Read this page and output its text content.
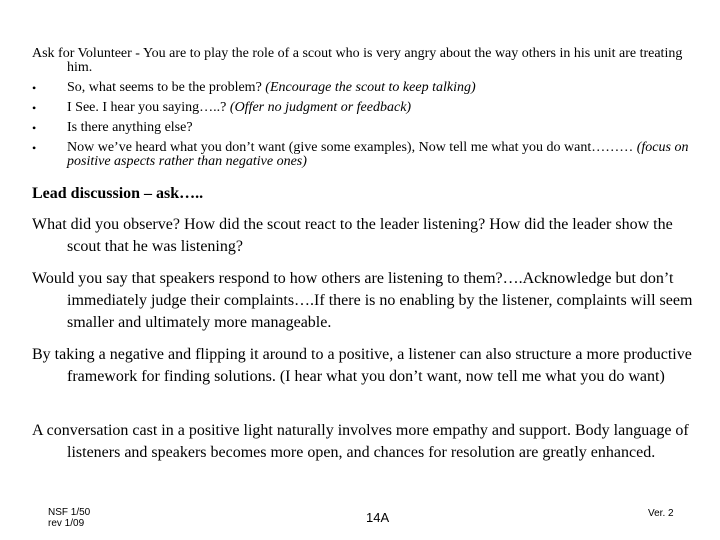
Ask for Volunteer - You are to play the role of a scout who is very angry about the way others in his unit are treating him.

• So, what seems to be the problem? (Encourage the scout to keep talking)
• I See. I hear you saying…..? (Offer no judgment or feedback)
• Is there anything else?
• Now we’ve heard what you don’t want (give some examples), Now tell me what you do want……… (focus on positive aspects rather than negative ones)

Lead discussion – ask…..

What did you observe? How did the scout react to the leader listening? How did the leader show the scout that he was listening?

Would you say that speakers respond to how others are listening to them?….Acknowledge but don’t immediately judge their complaints….If there is no enabling by the listener, complaints will seem smaller and ultimately more manageable.

By taking a negative and flipping it around to a positive, a listener can also structure a more productive framework for finding solutions. (I hear what you don’t want, now tell me what you do want)

A conversation cast in a positive light naturally involves more empathy and support. Body language of listeners and speakers becomes more open, and chances for resolution are greatly enhanced.

NSF 1/50
rev 1/09	14A	Ver. 2
